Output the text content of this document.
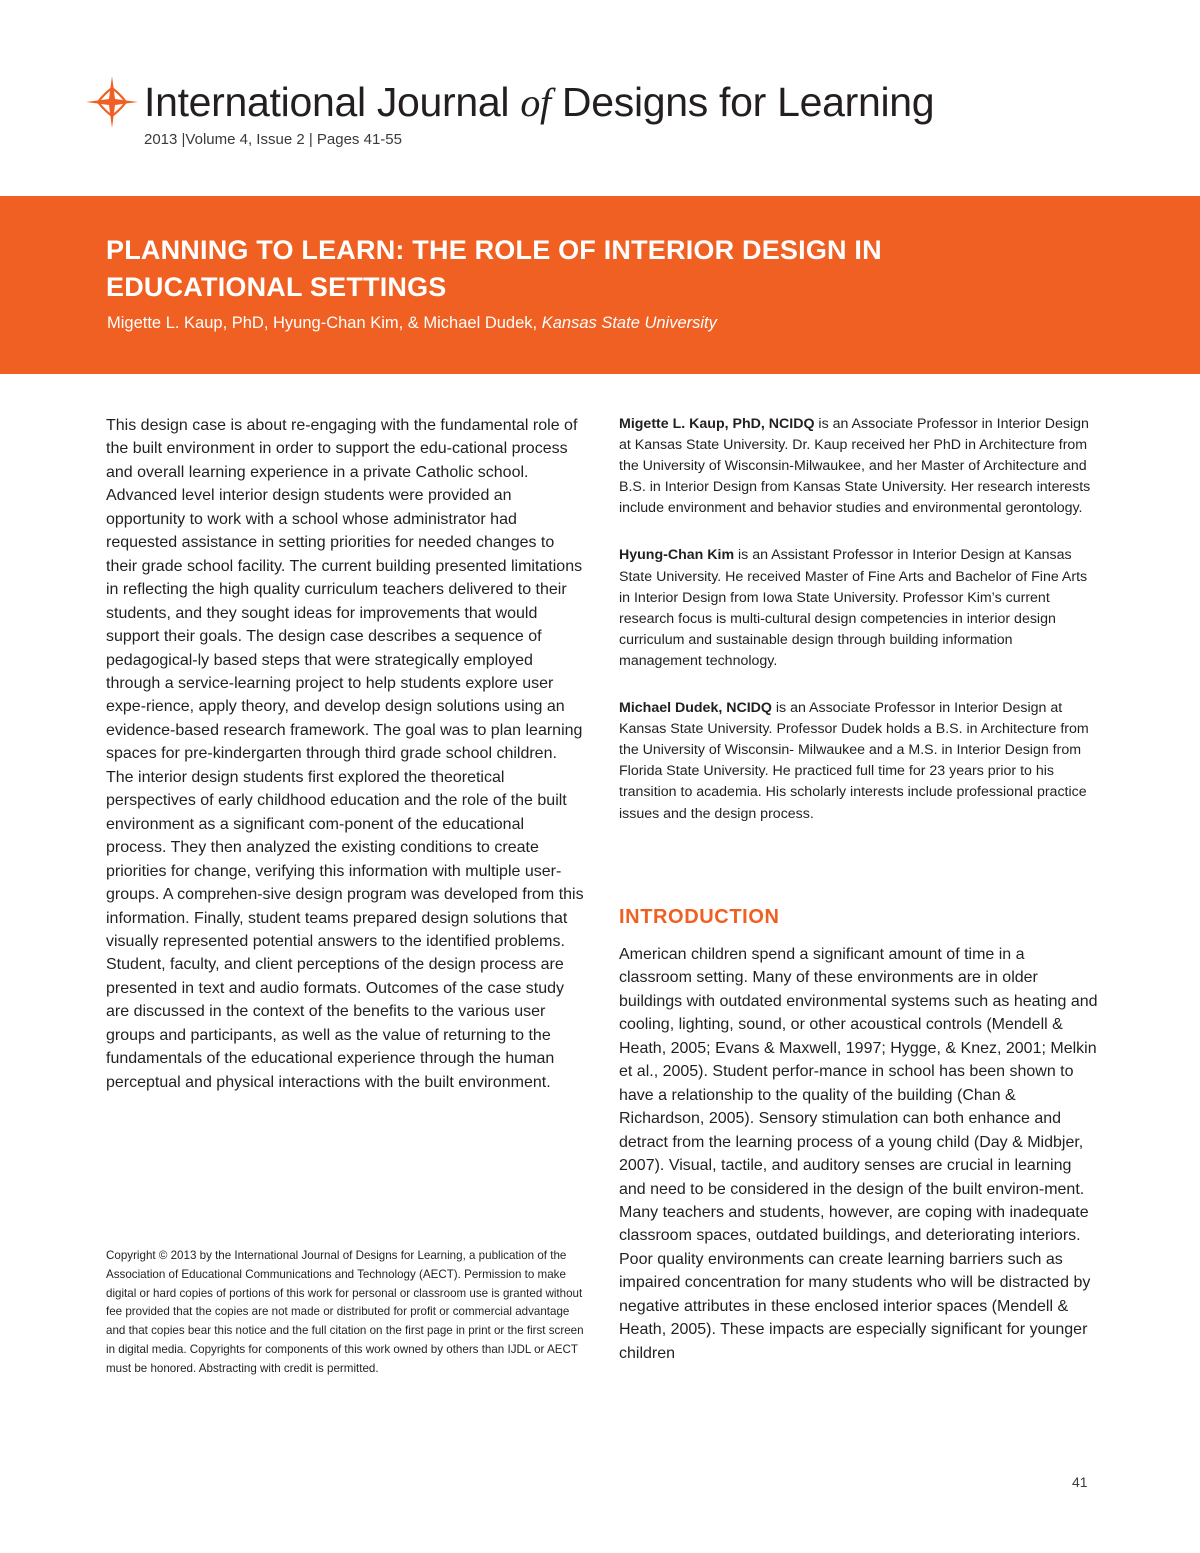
International Journal of Designs for Learning
2013 |Volume 4, Issue 2 | Pages 41-55
PLANNING TO LEARN: THE ROLE OF INTERIOR DESIGN IN EDUCATIONAL SETTINGS
Migette L. Kaup, PhD, Hyung-Chan Kim, & Michael Dudek, Kansas State University

This design case is about re-engaging with the fundamental role of the built environment in order to support the edu-cational process and overall learning experience in a private Catholic school. Advanced level interior design students were provided an opportunity to work with a school whose administrator had requested assistance in setting priorities for needed changes to their grade school facility. The current building presented limitations in reflecting the high quality curriculum teachers delivered to their students, and they sought ideas for improvements that would support their goals. The design case describes a sequence of pedagogical-ly based steps that were strategically employed through a service-learning project to help students explore user expe-rience, apply theory, and develop design solutions using an evidence-based research framework. The goal was to plan learning spaces for pre-kindergarten through third grade school children. The interior design students first explored the theoretical perspectives of early childhood education and the role of the built environment as a significant com-ponent of the educational process. They then analyzed the existing conditions to create priorities for change, verifying this information with multiple user-groups. A comprehen-sive design program was developed from this information. Finally, student teams prepared design solutions that visually represented potential answers to the identified problems. Student, faculty, and client perceptions of the design process are presented in text and audio formats. Outcomes of the case study are discussed in the context of the benefits to the various user groups and participants, as well as the value of returning to the fundamentals of the educational experience through the human perceptual and physical interactions with the built environment.

Copyright © 2013 by the International Journal of Designs for Learning, a publication of the Association of Educational Communications and Technology (AECT). Permission to make digital or hard copies of portions of this work for personal or classroom use is granted without fee provided that the copies are not made or distributed for profit or commercial advantage and that copies bear this notice and the full citation on the first page in print or the first screen in digital media. Copyrights for components of this work owned by others than IJDL or AECT must be honored. Abstracting with credit is permitted.

Migette L. Kaup, PhD, NCIDQ is an Associate Professor in Interior Design at Kansas State University. Dr. Kaup received her PhD in Architecture from the University of Wisconsin-Milwaukee, and her Master of Architecture and B.S. in Interior Design from Kansas State University. Her research interests include environment and behavior studies and environmental gerontology.

Hyung-Chan Kim is an Assistant Professor in Interior Design at Kansas State University. He received Master of Fine Arts and Bachelor of Fine Arts in Interior Design from Iowa State University. Professor Kim’s current research focus is multi-cultural design competencies in interior design curriculum and sustainable design through building information management technology.

Michael Dudek, NCIDQ is an Associate Professor in Interior Design at Kansas State University. Professor Dudek holds a B.S. in Architecture from the University of Wisconsin- Milwaukee and a M.S. in Interior Design from Florida State University. He practiced full time for 23 years prior to his transition to academia. His scholarly interests include professional practice issues and the design process.

INTRODUCTION

American children spend a significant amount of time in a classroom setting. Many of these environments are in older buildings with outdated environmental systems such as heating and cooling, lighting, sound, or other acoustical controls (Mendell & Heath, 2005; Evans & Maxwell, 1997; Hygge, & Knez, 2001; Melkin et al., 2005). Student perfor-mance in school has been shown to have a relationship to the quality of the building (Chan & Richardson, 2005). Sensory stimulation can both enhance and detract from the learning process of a young child (Day & Midbjer, 2007). Visual, tactile, and auditory senses are crucial in learning and need to be considered in the design of the built environ-ment. Many teachers and students, however, are coping with inadequate classroom spaces, outdated buildings, and deteriorating interiors. Poor quality environments can create learning barriers such as impaired concentration for many students who will be distracted by negative attributes in these enclosed interior spaces (Mendell & Heath, 2005). These impacts are especially significant for younger children

41
